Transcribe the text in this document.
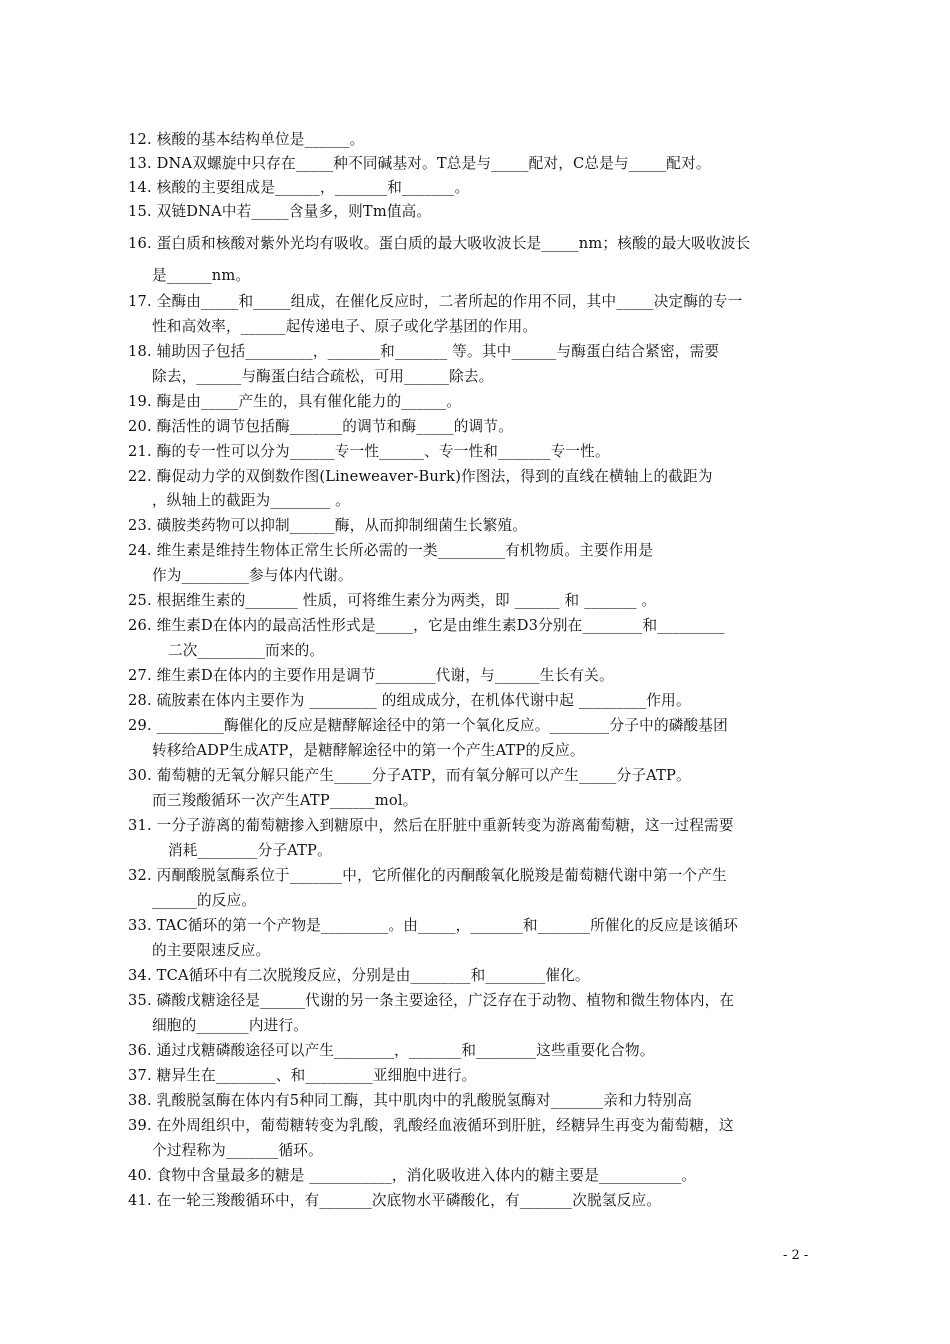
12. 核酸的基本结构单位是______。
13. DNA双螺旋中只存在_____种不同碱基对。T总是与_____配对，C总是与_____配对。
14. 核酸的主要组成是______，_______和_______。
15. 双链DNA中若_____含量多，则Tm值高。
16. 蛋白质和核酸对紫外光均有吸收。蛋白质的最大吸收波长是_____nm；核酸的最大吸收波长
是______nm。
17. 全酶由_____和_____组成，在催化反应时，二者所起的作用不同，其中_____决定酶的专一
性和高效率，______起传递电子、原子或化学基团的作用。
18. 辅助因子包括_________，_______和_______ 等。其中______与酶蛋白结合紧密，需要
除去，______与酶蛋白结合疏松，可用______除去。
19. 酶是由_____产生的，具有催化能力的______。
20. 酶活性的调节包括酶_______的调节和酶_____的调节。
21. 酶的专一性可以分为______专一性______、专一性和_______专一性。
22. 酶促动力学的双倒数作图(Lineweaver-Burk)作图法，得到的直线在横轴上的截距为
，纵轴上的截距为________ 。
23. 磺胺类药物可以抑制______酶，从而抑制细菌生长繁殖。
24. 维生素是维持生物体正常生长所必需的一类_________有机物质。主要作用是
作为_________参与体内代谢。
25. 根据维生素的_______ 性质，可将维生素分为两类，即 ______ 和 _______ 。
26. 维生素D在体内的最高活性形式是_____，它是由维生素D3分别在________和_________
二次_________而来的。
27. 维生素D在体内的主要作用是调节________代谢，与______生长有关。
28. 硫胺素在体内主要作为 _________ 的组成成分，在机体代谢中起 _________作用。
29. _________酶催化的反应是糖酵解途径中的第一个氧化反应。________分子中的磷酸基团
转移给ADP生成ATP，是糖酵解途径中的第一个产生ATP的反应。
30. 葡萄糖的无氧分解只能产生_____分子ATP，而有氧分解可以产生_____分子ATP。
而三羧酸循环一次产生ATP______mol。
31. 一分子游离的葡萄糖掺入到糖原中，然后在肝脏中重新转变为游离葡萄糖，这一过程需要
消耗________分子ATP。
32. 丙酮酸脱氢酶系位于_______中，它所催化的丙酮酸氧化脱羧是葡萄糖代谢中第一个产生
______的反应。
33. TAC循环的第一个产物是_________。由_____，_______和_______所催化的反应是该循环
的主要限速反应。
34. TCA循环中有二次脱羧反应，分别是由________和________催化。
35. 磷酸戊糖途径是______代谢的另一条主要途径，广泛存在于动物、植物和微生物体内，在
细胞的_______内进行。
36. 通过戊糖磷酸途径可以产生________，_______和________这些重要化合物。
37. 糖异生在________、和_________亚细胞中进行。
38. 乳酸脱氢酶在体内有5种同工酶，其中肌肉中的乳酸脱氢酶对_______亲和力特别高
39. 在外周组织中，葡萄糖转变为乳酸，乳酸经血液循环到肝脏，经糖异生再变为葡萄糖，这
个过程称为_______循环。
40. 食物中含量最多的糖是 ___________，消化吸收进入体内的糖主要是___________。
41. 在一轮三羧酸循环中，有_______次底物水平磷酸化，有_______次脱氢反应。
- 2 -
